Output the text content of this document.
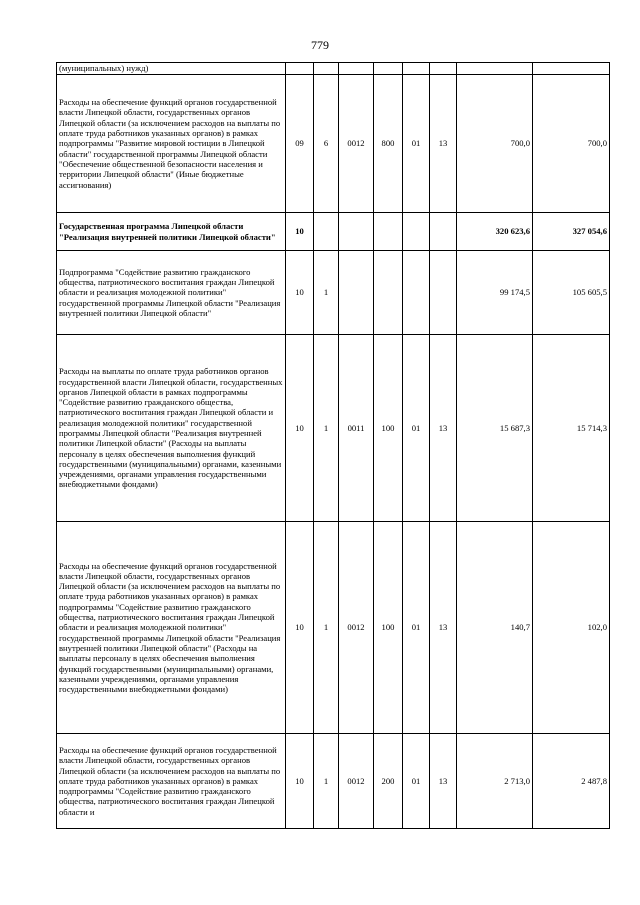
779
(муниципальных) нужд)								
Расходы на обеспечение функций органов государственной власти Липецкой области, государственных органов Липецкой области (за исключением расходов на выплаты по оплате труда работников указанных органов) в рамках подпрограммы "Развитие мировой юстиции в Липецкой области" государственной программы Липецкой области "Обеспечение общественной безопасности населения и территории Липецкой области" (Иные бюджетные ассигнования)	09	6	0012	800	01	13	700,0	700,0
Государственная программа Липецкой области "Реализация внутренней политики Липецкой области"	10						320 623,6	327 054,6
Подпрограмма "Содействие развитию гражданского общества, патриотического воспитания граждан Липецкой области и реализация молодежной политики" государственной программы Липецкой области "Реализация внутренней политики Липецкой области"	10	1					99 174,5	105 605,5
Расходы на выплаты по оплате труда работников органов государственной власти Липецкой области, государственных органов Липецкой области в рамках подпрограммы "Содействие развитию гражданского общества, патриотического воспитания граждан Липецкой области и реализация молодежной политики" государственной программы Липецкой области "Реализация внутренней политики Липецкой области" (Расходы на выплаты персоналу в целях обеспечения выполнения функций государственными (муниципальными) органами, казенными учреждениями, органами управления государственными внебюджетными фондами)	10	1	0011	100	01	13	15 687,3	15 714,3
Расходы на обеспечение функций органов государственной власти Липецкой области, государственных органов Липецкой области (за исключением расходов на выплаты по оплате труда работников указанных органов) в рамках подпрограммы "Содействие развитию гражданского общества, патриотического воспитания граждан Липецкой области и реализация молодежной политики" государственной программы Липецкой области "Реализация внутренней политики Липецкой области" (Расходы на выплаты персоналу в целях обеспечения выполнения функций государственными (муниципальными) органами, казенными учреждениями, органами управления государственными внебюджетными фондами)	10	1	0012	100	01	13	140,7	102,0
Расходы на обеспечение функций органов государственной власти Липецкой области, государственных органов Липецкой области (за исключением расходов на выплаты по оплате труда работников указанных органов) в рамках подпрограммы "Содействие развитию гражданского общества, патриотического воспитания граждан Липецкой области и	10	1	0012	200	01	13	2 713,0	2 487,8
